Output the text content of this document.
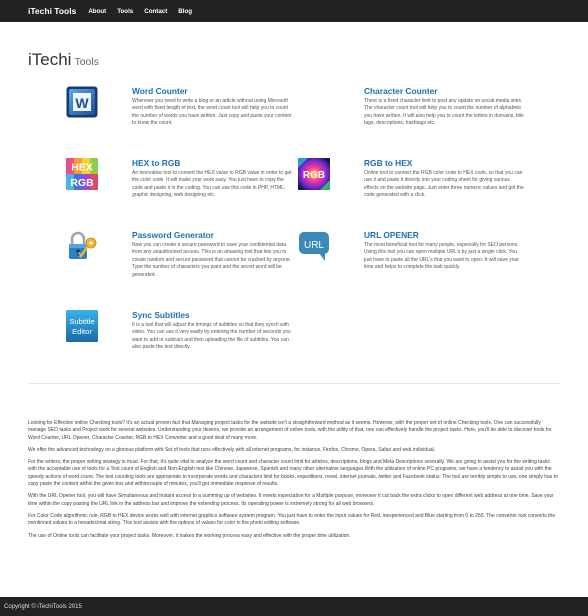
iTechi Tools About Tools Contact Blog
iTechi Tools
W
Word Counter

Wherever you need to write a blog or an article without using Microsoft word with fixed length of text, the word count tool will help you to count the number of words you have written. Just copy and paste your content to know the count.

Character Counter

There is a fixed character limit to post any update on social media sites. The character count tool will help you to count the number of alphabets you have written. It will also help you to count the letters in domains, title tags, descriptions, hashtags etc.

HEX
RGB
HEX to RGB

An innovative tool to convert the HEX value to RGB value in order to get the color code. It will make your work easy. You just have to copy the code and paste it in the coding. You can use this code in PHP, HTML, graphic designing, web designing etc.

RGB
RGB to HEX

Online tool to convert the RGB color code to HEX code, so that you can use it and paste it directly into your coding sheet for giving various effects on the website page. Just enter three numeric values and get the code generated with a click.

Password Generator

Now you can create a secure password to save your confidential data from any unauthorized access. This is an amazing tool that lets you to create random and secure password that cannot be cracked by anyone. Type the number of characters you want and the secret word will be generated.

URL
URL OPENER

The most beneficial tool for many people, especially for SEO persons. Using this tool you can open multiple URL's by just a single click. You just have to paste all the URL's that you want to open. It will save your time and helps to complete the task quickly.

Subtitle
Editor
Sync Subtitles

It is a tool that will adjust the timings of subtitles so that they synch with video. You can use it very easily by entering the number of seconds you want to add or subtract and then uploading the file of subtitles. You can also paste the text directly.

Looking for Effective online Checking tools? It's an actual proven fact that Managing project tasks for the website isn't a straightforward method as it seems. However, with the proper set of online Checking tools, One can successfully manage SEO tasks and Project work for several websites. Understanding your desires, we provide an arrangement of online tools, with the utility of that, one can effectively handle the project tasks. Here, you'll be able to discover tools for Word Counter, URL Opener, Character Counter, RGB to HEX Converter and a good deal of many more.

We offer the advanced technology on a glorious platform with Set of tools that runs effectively with all internet programs, for instance, Firefox, Chrome, Opera, Safari and web individual.

For the writers, the proper writing strategy is must. For that, it's quite vital to analyze the word count and character count limit for articles, descriptions, blogs and Meta Descriptions severally. We are going to assist you for the writing tasks with the acceptable use of tools for a Text count of English and Non-English text like Chinese, Japanese, Spanish and many other alternative languages.With the utilization of online PC programs, we have a tendency to assist you with the speedy actions of word count. The text counting tools are appropriate to incorporate words and characters limit for books, expeditions, novel, internet journals, twitter and Facebook status. The tool are terribly simple to use, one simply has to copy paste the content within the given box and withincouple of minutes, you'll get immediate response of results.

With the URL Opener tool, you will have Simultaneous and Instant access to a summing up of websites. It meets expectation for a Multiple purpose, moreover it cut back the extra clicks to open different web address at one time. Save your time within the copy pasting the URL link in the address bar and improve the extending process. Its operating power is extremely strong for all web browsers.

For Color Code algorithmic rule, RGB to HEX device works well with internet graphics software system program. You just have to enter the input values for Red, inexperienced and Blue starting from 0 to 255. The converter tool converts the mentioned values to a hexadecimal string. This tool assists with the options of values for color in the photo editing software.

The use of Online tools can facilitate your project tasks. Moreover, it makes the working process easy and effective with the proper time utilization.

Copyright © iTechiTools 2015
